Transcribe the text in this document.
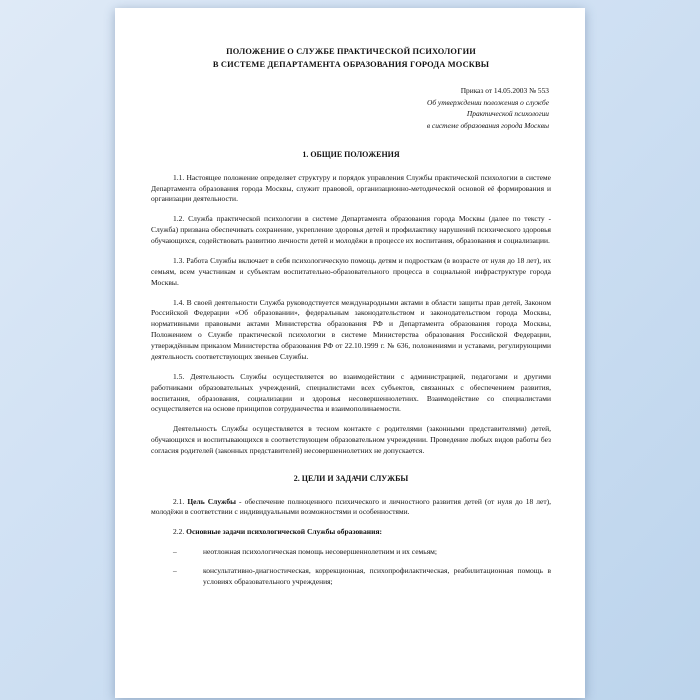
ПОЛОЖЕНИЕ О СЛУЖБЕ ПРАКТИЧЕСКОЙ ПСИХОЛОГИИ
В СИСТЕМЕ ДЕПАРТАМЕНТА ОБРАЗОВАНИЯ ГОРОДА МОСКВЫ
Приказ от 14.05.2003 № 553
Об утверждении положения о службе
Практической психологии
в системе образования города Москвы
1. ОБЩИЕ ПОЛОЖЕНИЯ

1.1. Настоящее положение определяет структуру и порядок управления Службы практической психологии в системе Департамента образования города Москвы, служит правовой, организационно-методической основой её формирования и организации деятельности.

1.2. Служба практической психологии в системе Департамента образования города Москвы (далее по тексту - Служба) призвана обеспечивать сохранение, укрепление здоровья детей и профилактику нарушений психического здоровья обучающихся, содействовать развитию личности детей и молодёжи в процессе их воспитания, образования и социализации.

1.3. Работа Службы включает в себя психологическую помощь детям и подросткам (в возрасте от нуля до 18 лет), их семьям, всем участникам и субъектам воспитательно-образовательного процесса в социальной инфраструктуре города Москвы.

1.4. В своей деятельности Служба руководствуется международными актами в области защиты прав детей, Законом Российской Федерации «Об образовании», федеральным законодательством и законодательством города Москвы, нормативными правовыми актами Министерства образования РФ и Департамента образования города Москвы, Положением о Службе практической психологии в системе Министерства образования Российской Федерации, утверждённым приказом Министерства образования РФ от 22.10.1999 г. № 636, положениями и уставами, регулирующими деятельность соответствующих звеньев Службы.

1.5. Деятельность Службы осуществляется во взаимодействии с администрацией, педагогами и другими работниками образовательных учреждений, специалистами всех субъектов, связанных с обеспечением развития, воспитания, образования, социализации и здоровья несовершеннолетних. Взаимодействие со специалистами осуществляется на основе принципов сотрудничества и взаимополинаемости.

Деятельность Службы осуществляется в тесном контакте с родителями (законными представителями) детей, обучающихся и воспитывающихся в соответствующем образовательном учреждении. Проведение любых видов работы без согласия родителей (законных представителей) несовершеннолетних не допускается.

2. ЦЕЛИ И ЗАДАЧИ СЛУЖБЫ

2.1. Цель Службы - обеспечение полноценного психического и личностного развития детей (от нуля до 18 лет), молодёжи в соответствии с индивидуальными возможностями и особенностями.

2.2. Основные задачи психологической Службы образования:

–	неотложная психологическая помощь несовершеннолетним и их семьям;
–	консультативно-диагностическая, коррекционная, психопрофилактическая, реабилитационная помощь в условиях образовательного учреждения;
